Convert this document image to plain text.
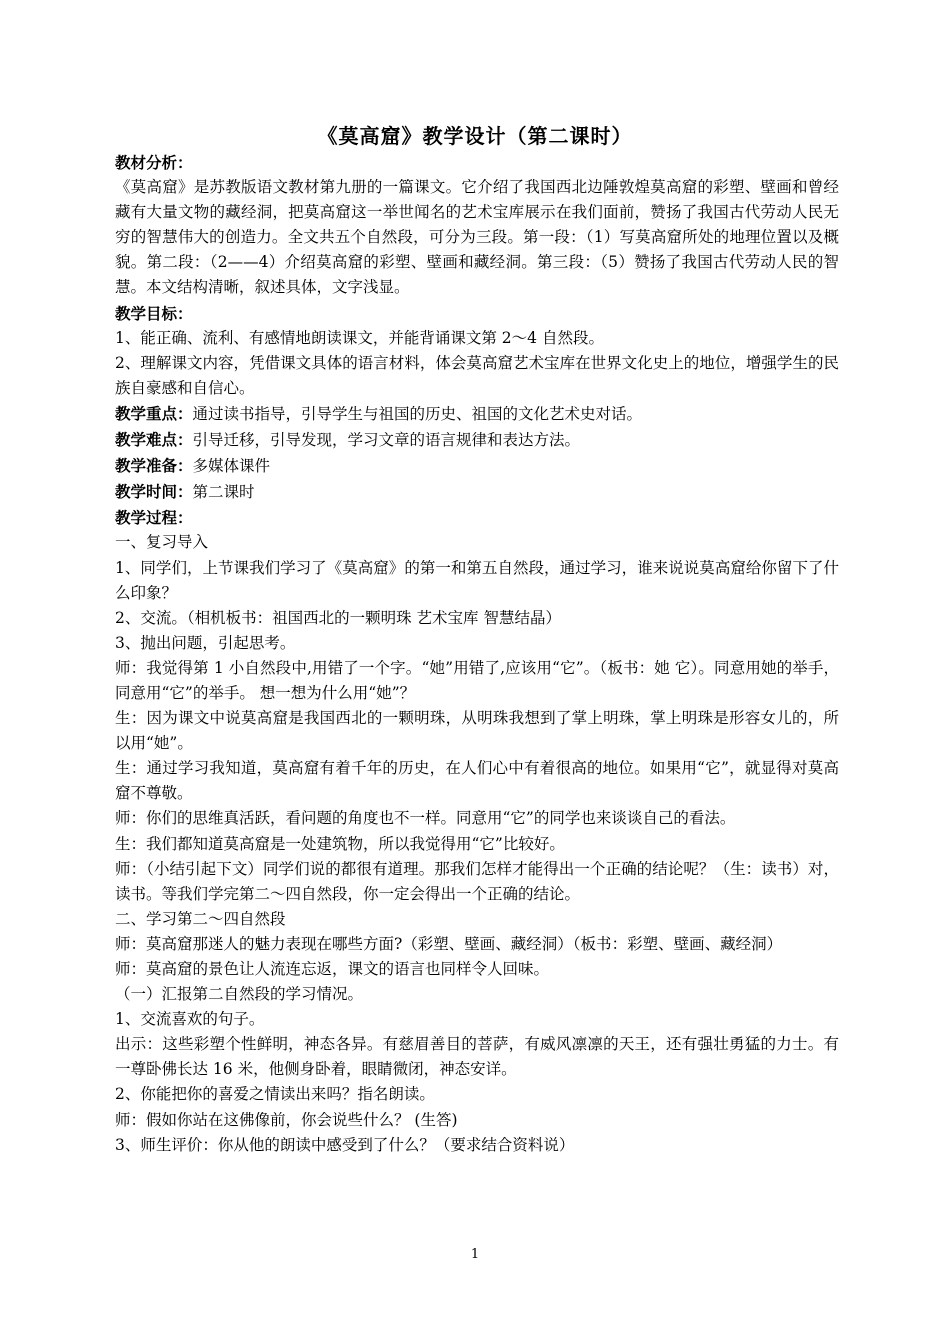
《莫高窟》教学设计（第二课时）

教材分析：

《莫高窟》是苏教版语文教材第九册的一篇课文。它介绍了我国西北边陲敦煌莫高窟的彩塑、壁画和曾经藏有大量文物的藏经洞，把莫高窟这一举世闻名的艺术宝库展示在我们面前，赞扬了我国古代劳动人民无穷的智慧伟大的创造力。全文共五个自然段，可分为三段。第一段：（1）写莫高窟所处的地理位置以及概貌。第二段：（2——4）介绍莫高窟的彩塑、壁画和藏经洞。第三段：（5）赞扬了我国古代劳动人民的智慧。本文结构清晰，叙述具体，文字浅显。

教学目标：

1、能正确、流利、有感情地朗读课文，并能背诵课文第 2～4 自然段。

2、理解课文内容，凭借课文具体的语言材料，体会莫高窟艺术宝库在世界文化史上的地位，增强学生的民族自豪感和自信心。

教学重点：通过读书指导，引导学生与祖国的历史、祖国的文化艺术史对话。

教学难点：引导迁移，引导发现，学习文章的语言规律和表达方法。

教学准备：多媒体课件

教学时间：第二课时

教学过程：

一、复习导入

1、同学们，上节课我们学习了《莫高窟》的第一和第五自然段，通过学习，谁来说说莫高窟给你留下了什么印象？

2、交流。（相机板书：祖国西北的一颗明珠 艺术宝库 智慧结晶）

3、抛出问题，引起思考。

师：我觉得第 1 小自然段中,用错了一个字。“她”用错了,应该用“它”。（板书：她 它）。同意用她的举手，同意用“它”的举手。 想一想为什么用“她”？

生：因为课文中说莫高窟是我国西北的一颗明珠，从明珠我想到了掌上明珠，掌上明珠是形容女儿的，所以用“她”。

生：通过学习我知道，莫高窟有着千年的历史，在人们心中有着很高的地位。如果用“它”，就显得对莫高窟不尊敬。

师：你们的思维真活跃，看问题的角度也不一样。同意用“它”的同学也来谈谈自己的看法。

生：我们都知道莫高窟是一处建筑物，所以我觉得用“它”比较好。

师：（小结引起下文）同学们说的都很有道理。那我们怎样才能得出一个正确的结论呢？（生：读书）对，读书。等我们学完第二～四自然段，你一定会得出一个正确的结论。

二、学习第二～四自然段

师：莫高窟那迷人的魅力表现在哪些方面?（彩塑、壁画、藏经洞）（板书：彩塑、壁画、藏经洞）

师：莫高窟的景色让人流连忘返，课文的语言也同样令人回味。

（一）汇报第二自然段的学习情况。

1、交流喜欢的句子。

出示：这些彩塑个性鲜明，神态各异。有慈眉善目的菩萨，有威风凛凛的天王，还有强壮勇猛的力士。有一尊卧佛长达 16 米，他侧身卧着，眼睛微闭，神态安详。

2、你能把你的喜爱之情读出来吗？指名朗读。

师：假如你站在这佛像前，你会说些什么？ (生答)

3、师生评价：你从他的朗读中感受到了什么？（要求结合资料说）

1
